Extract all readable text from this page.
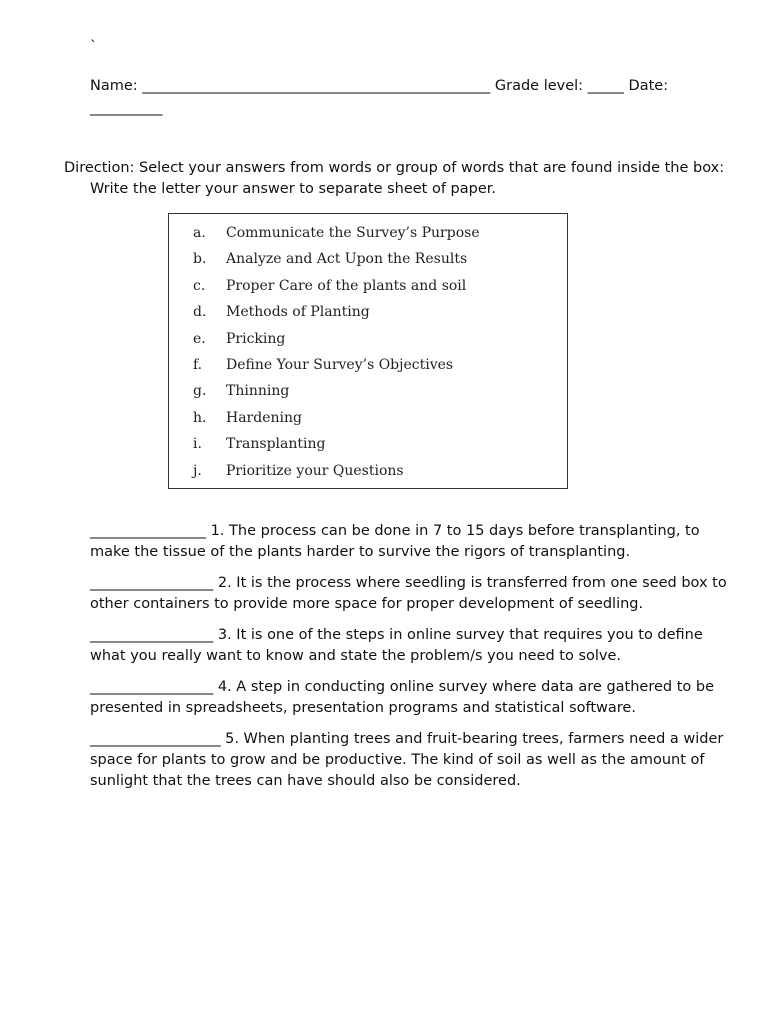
`
Name: ________________________________________________ Grade level: _____ Date: __________
Direction: Select your answers from words or group of words that are found inside the box: Write the letter your answer to separate sheet of paper.
a.	Communicate the Survey’s Purpose
b.	Analyze and Act Upon the Results
c.	Proper Care of the plants and soil
d.	Methods of Planting
e.	Pricking
f.	Define Your Survey’s Objectives
g.	Thinning
h.	Hardening
i.	Transplanting
j.	Prioritize your Questions

________________ 1. The process can be done in 7 to 15 days before transplanting, to make the tissue of the plants harder to survive the rigors of transplanting.

_________________ 2. It is the process where seedling is transferred from one seed box to other containers to provide more space for proper development of seedling.

_________________ 3. It is one of the steps in online survey that requires you to define what you really want to know and state the problem/s you need to solve.

_________________ 4. A step in conducting online survey where data are gathered to be presented in spreadsheets, presentation programs and statistical software.

__________________ 5. When planting trees and fruit-bearing trees, farmers need a wider space for plants to grow and be productive. The kind of soil as well as the amount of sunlight that the trees can have should also be considered.
